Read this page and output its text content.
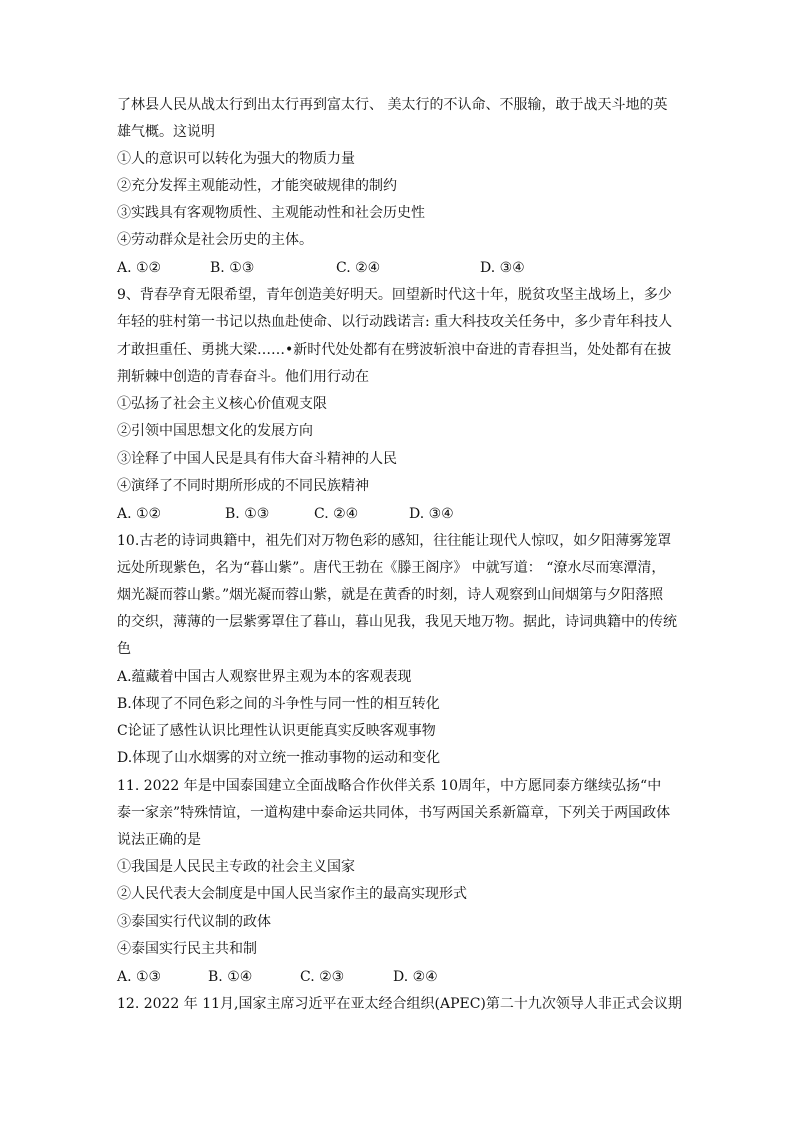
了林县人民从战太行到出太行再到富太行、 美太行的不认命、不服输，敢于战天斗地的英
雄气概。这说明
①人的意识可以转化为强大的物质力量
②充分发挥主观能动性，才能突破规律的制约
③实践具有客观物质性、主观能动性和社会历史性
④劳动群众是社会历史的主体。
A. ①②	B. ①③	C. ②④	D. ③④
9、背春孕育无限希望，青年创造美好明天。回望新时代这十年，脱贫攻坚主战场上，多少
年轻的驻村第一书记以热血赴使命、以行动践诺言: 重大科技攻关任务中，多少青年科技人
才敢担重任、勇挑大梁……•新时代处处都有在劈波斩浪中奋进的青春担当，处处都有在披
荆斩棘中创造的青春奋斗。他们用行动在
①弘扬了社会主义核心价值观支限
②引领中国思想文化的发展方向
③诠释了中国人民是具有伟大奋斗精神的人民
④演绎了不同时期所形成的不同民族精神
A. ①②	B. ①③	C. ②④	D. ③④
10.古老的诗词典籍中，祖先们对万物色彩的感知，往往能让现代人惊叹，如夕阳薄雾笼罩
远处所现紫色，名为“暮山紫”。唐代王勃在《滕王阁序》 中就写道： “潦水尽而寒潭清，
烟光凝而蓉山紫。”烟光凝而蓉山紫，就是在黄香的时刻，诗人观察到山间烟第与夕阳落照
的交织，薄薄的一层紫雾罩住了暮山，暮山见我，我见天地万物。据此，诗词典籍中的传统
色
A.蕴藏着中国古人观察世界主观为本的客观表现
B.体现了不同色彩之间的斗争性与同一性的相互转化
C论证了感性认识比理性认识更能真实反映客观事物
D.体现了山水烟雾的对立统一推动事物的运动和变化
11. 2022 年是中国泰国建立全面战略合作伙伴关系 10周年，中方愿同泰方继续弘扬“中
泰一家亲”特殊情谊，一道构建中泰命运共同体，书写两国关系新篇章，下列关于两国政体
说法正确的是
①我国是人民民主专政的社会主义国家
②人民代表大会制度是中国人民当家作主的最高实现形式
③泰国实行代议制的政体
④泰国实行民主共和制
A. ①③	B. ①④	C. ②③	D. ②④
12. 2022 年 11月,国家主席习近平在亚太经合组织(APEC)第二十九次领导人非正式会议期
